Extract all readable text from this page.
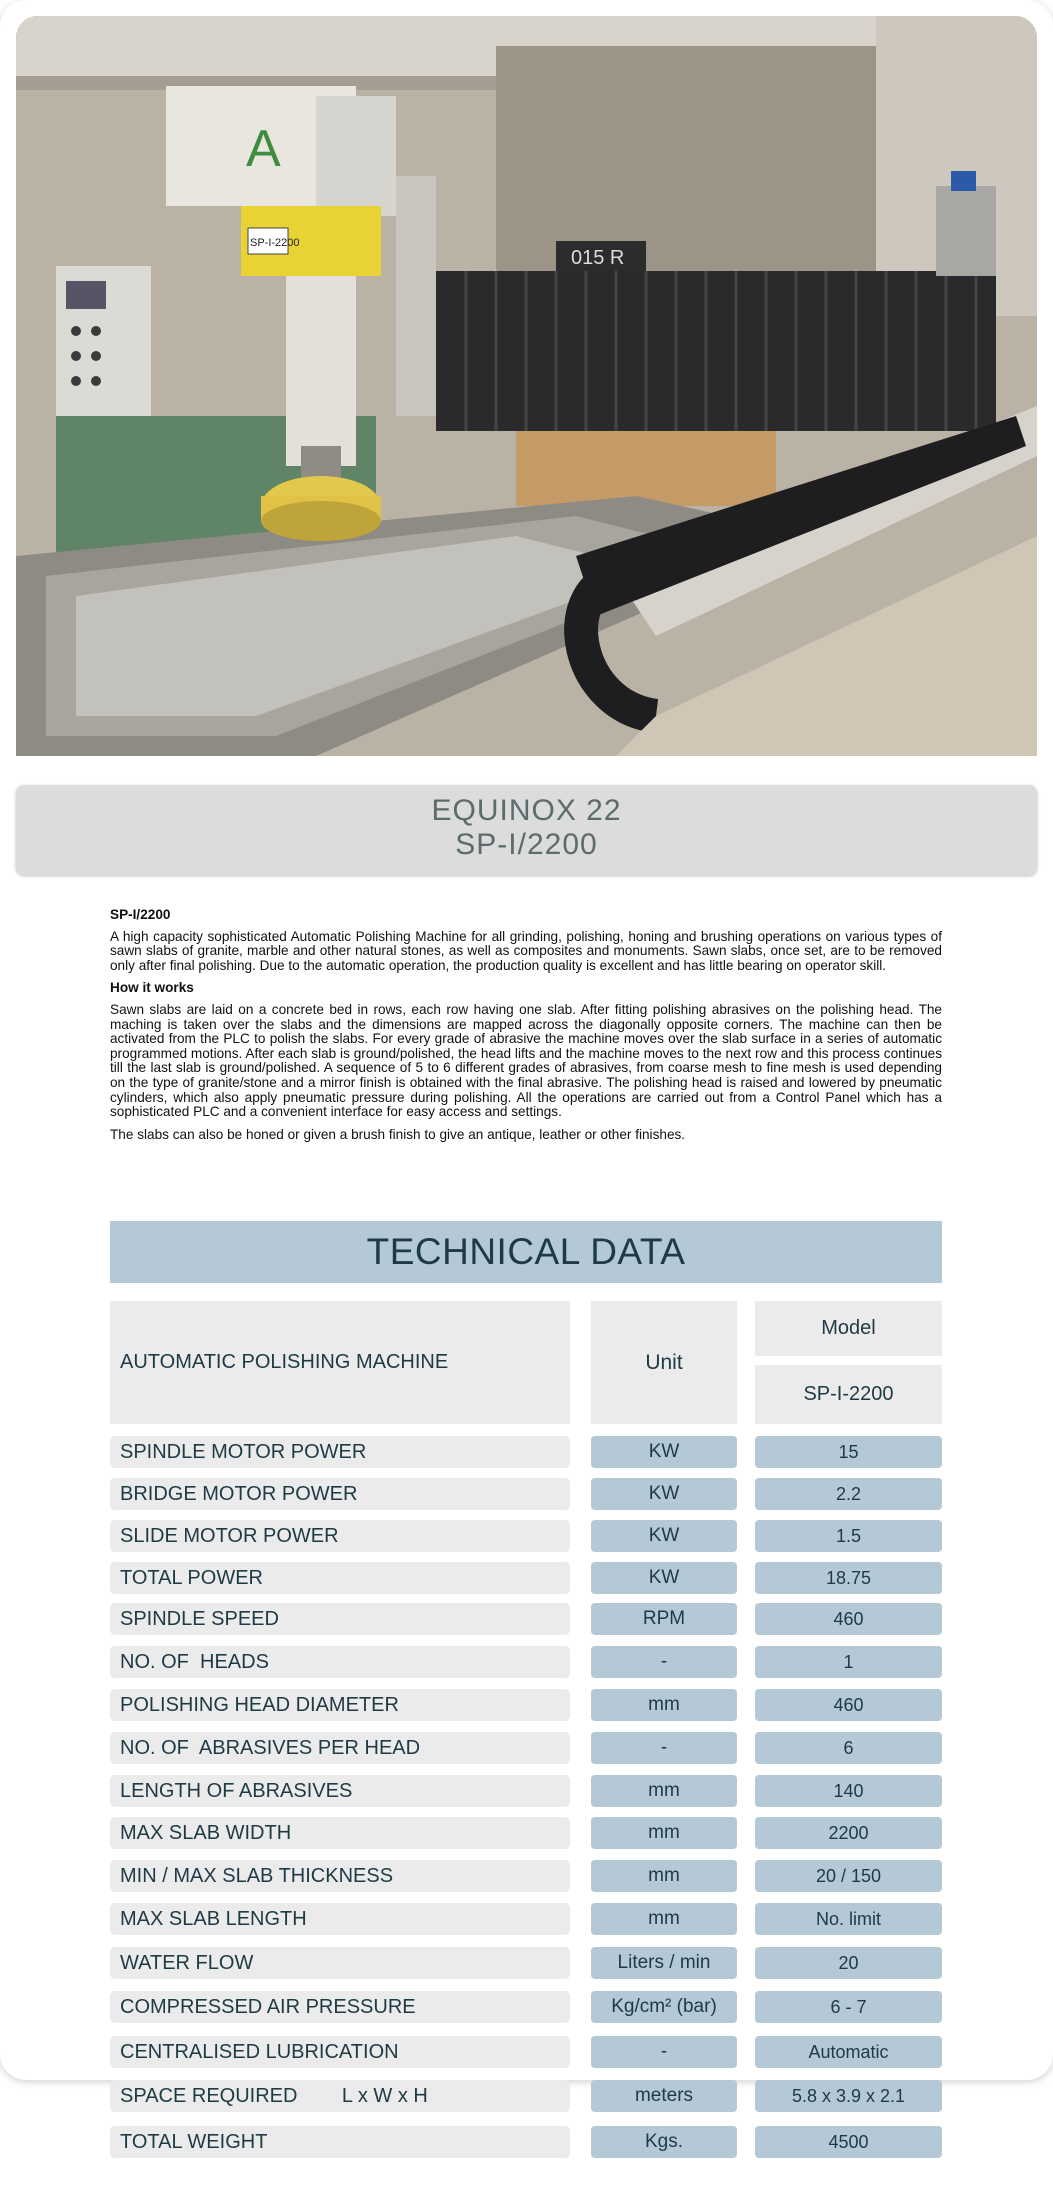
A
SP-I-2200
015 R
EQUINOX 22
SP-I/2200
SP-I/2200

A high capacity sophisticated Automatic Polishing Machine for all grinding, polishing, honing and brushing operations on various types of sawn slabs of granite, marble and other natural stones, as well as composites and monuments. Sawn slabs, once set, are to be removed only after final polishing. Due to the automatic operation, the production quality is excellent and has little bearing on operator skill.

How it works

Sawn slabs are laid on a concrete bed in rows, each row having one slab. After fitting polishing abrasives on the polishing head. The maching is taken over the slabs and the dimensions are mapped across the diagonally opposite corners. The machine can then be activated from the PLC to polish the slabs. For every grade of abrasive the machine moves over the slab surface in a series of automatic programmed motions. After each slab is ground/polished, the head lifts and the machine moves to the next row and this process continues till the last slab is ground/polished. A sequence of 5 to 6 different grades of abrasives, from coarse mesh to fine mesh is used depending on the type of granite/stone and a mirror finish is obtained with the final abrasive. The polishing head is raised and lowered by pneumatic cylinders, which also apply pneumatic pressure during polishing. All the operations are carried out from a Control Panel which has a sophisticated PLC and a convenient interface for easy access and settings.

The slabs can also be honed or given a brush finish to give an antique, leather or other finishes.

TECHNICAL DATA
AUTOMATIC POLISHING MACHINE	Unit
Model
SP-I-2200
SPINDLE MOTOR POWER	KW	15
BRIDGE MOTOR POWER	KW	2.2
SLIDE MOTOR POWER	KW	1.5
TOTAL POWER	KW	18.75
SPINDLE SPEED	RPM	460
NO. OF  HEADS	-	1
POLISHING HEAD DIAMETER	mm	460
NO. OF  ABRASIVES PER HEAD	-	6
LENGTH OF ABRASIVES	mm	140
MAX SLAB WIDTH	mm	2200
MIN / MAX SLAB THICKNESS	mm	20 / 150
MAX SLAB LENGTH	mm	No. limit
WATER FLOW	Liters / min	20
COMPRESSED AIR PRESSURE	Kg/cm² (bar)	6 - 7
CENTRALISED LUBRICATION	-	Automatic
SPACE REQUIRED        L x W x H	meters	5.8 x 3.9 x 2.1
TOTAL WEIGHT	Kgs.	4500
